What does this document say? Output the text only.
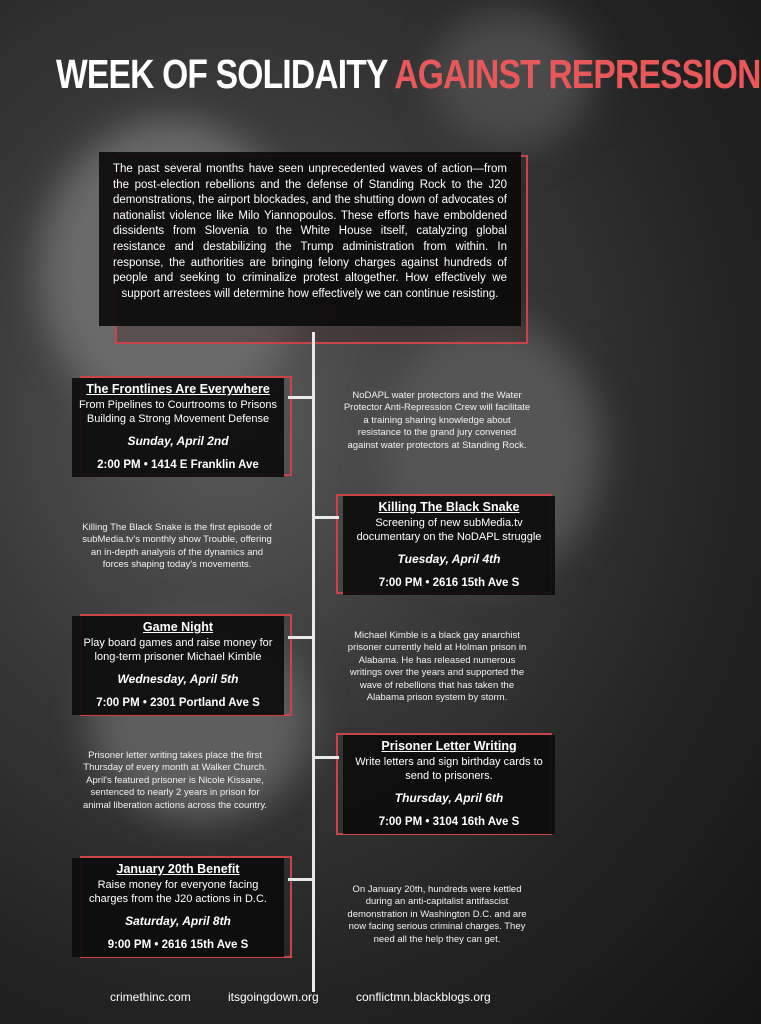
WEEK OF SOLIDAITY AGAINST REPRESSION
The past several months have seen unprecedented waves of action—from the post-election rebellions and the defense of Standing Rock to the J20 demonstrations, the airport blockades, and the shutting down of advocates of nationalist violence like Milo Yiannopoulos. These efforts have emboldened dissidents from Slovenia to the White House itself, catalyzing global resistance and destabilizing the Trump administration from within. In response, the authorities are bringing felony charges against hundreds of people and seeking to criminalize protest altogether. How effectively we support arrestees will determine how effectively we can continue resisting.
The Frontlines Are Everywhere
From Pipelines to Courtrooms to Prisons Building a Strong Movement Defense
Sunday, April 2nd
2:00 PM • 1414 E Franklin Ave
NoDAPL water protectors and the Water Protector Anti-Repression Crew will facilitate a training sharing knowledge about resistance to the grand jury convened against water protectors at Standing Rock.
Killing The Black Snake
Screening of new subMedia.tv documentary on the NoDAPL struggle
Tuesday, April 4th
7:00 PM • 2616 15th Ave S
Killing The Black Snake is the first episode of subMedia.tv's monthly show Trouble, offering an in-depth analysis of the dynamics and forces shaping today's movements.
Game Night
Play board games and raise money for long-term prisoner Michael Kimble
Wednesday, April 5th
7:00 PM • 2301 Portland Ave S
Michael Kimble is a black gay anarchist prisoner currently held at Holman prison in Alabama. He has released numerous writings over the years and supported the wave of rebellions that has taken the Alabama prison system by storm.
Prisoner Letter Writing
Write letters and sign birthday cards to send to prisoners.
Thursday, April 6th
7:00 PM • 3104 16th Ave S
Prisoner letter writing takes place the first Thursday of every month at Walker Church. April's featured prisoner is Nicole Kissane, sentenced to nearly 2 years in prison for animal liberation actions across the country.
January 20th Benefit
Raise money for everyone facing charges from the J20 actions in D.C.
Saturday, April 8th
9:00 PM • 2616 15th Ave S
On January 20th, hundreds were kettled during an anti-capitalist antifascist demonstration in Washington D.C. and are now facing serious criminal charges. They need all the help they can get.
crimethinc.com	itsgoingdown.org	conflictmn.blackblogs.org
